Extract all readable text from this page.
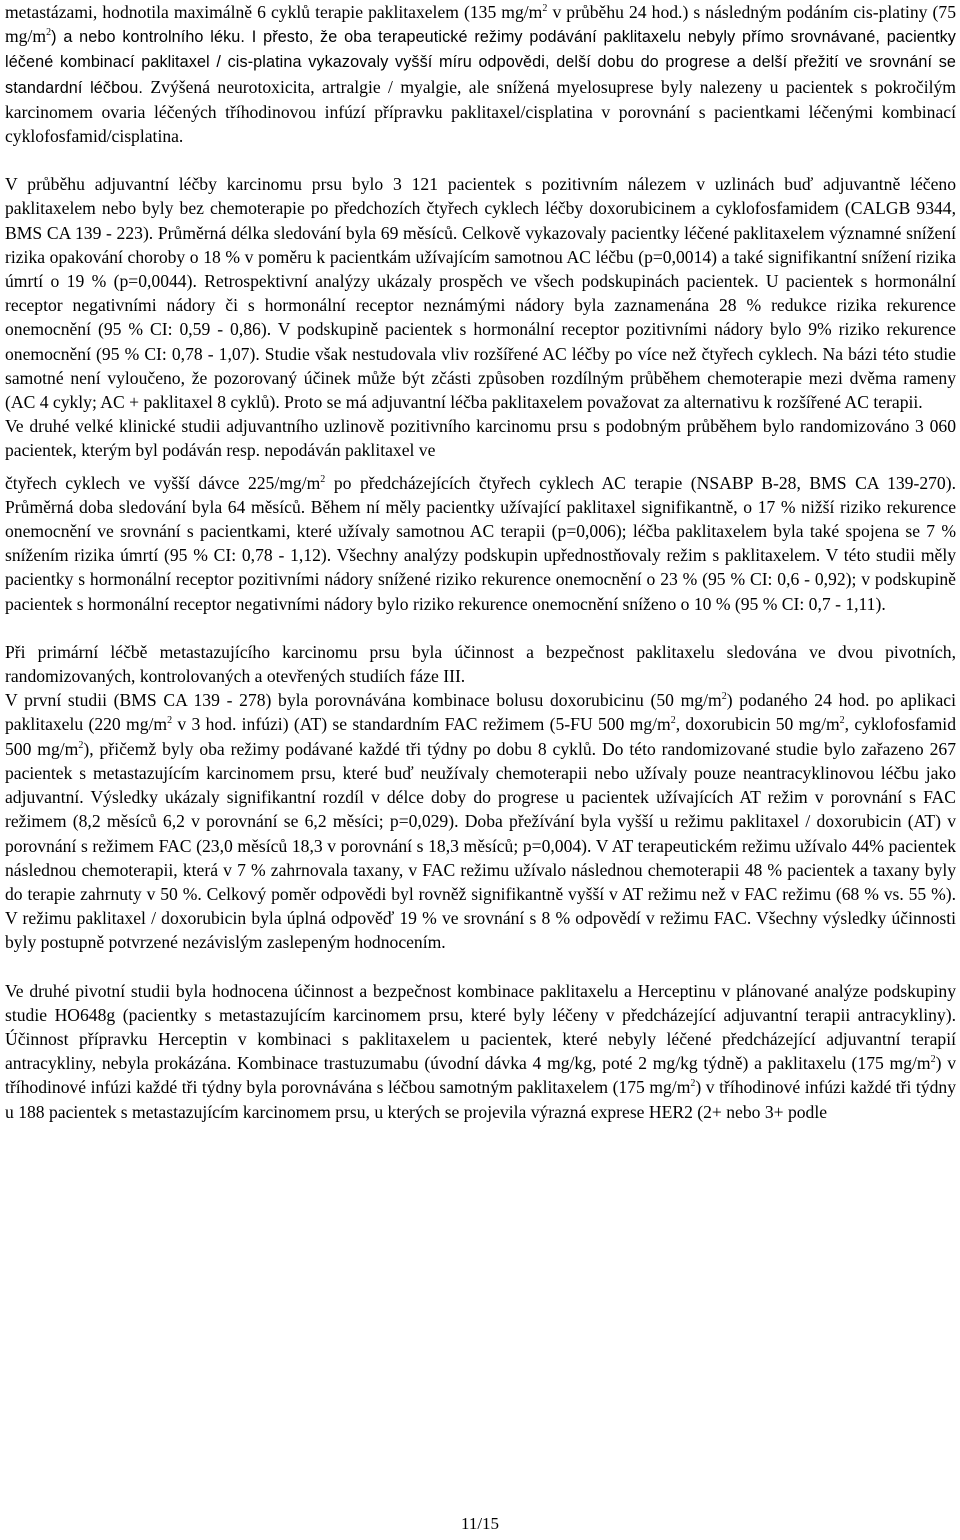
metastázami, hodnotila maximálně 6 cyklů terapie paklitaxelem (135 $mg/m^2$ v průběhu 24 hod.) s následným podáním cis-platiny (75 $mg/m^2$) a nebo kontrolního léku. I přesto, že oba terapeutické režimy podávání paklitaxelu nebyly přímo srovnávané, pacientky léčené kombinací paklitaxel / cis-platina vykazovaly vyšší míru odpovědi, delší dobu do progrese a delší přežití ve srovnání se standardní léčbou. Zvýšená neurotoxicita, artralgie / myalgie, ale snížená myelosuprese byly nalezeny u pacientek s pokročilým karcinomem ovaria léčených tříhodinovou infúzí přípravku paklitaxel/cisplatina v porovnání s pacientkami léčenými kombinací cyklofosfamid/cisplatina.

V průběhu adjuvantní léčby karcinomu prsu bylo 3 121 pacientek s pozitivním nálezem v uzlinách buď adjuvantně léčeno paklitaxelem nebo byly bez chemoterapie po předchozích čtyřech cyklech léčby doxorubicinem a cyklofosfamidem (CALGB 9344, BMS CA 139 - 223). Průměrná délka sledování byla 69 měsíců. Celkově vykazovaly pacientky léčené paklitaxelem významné snížení rizika opakování choroby o 18 % v poměru k pacientkám užívajícím samotnou AC léčbu (p=0,0014) a také signifikantní snížení rizika úmrtí o 19 % (p=0,0044). Retrospektivní analýzy ukázaly prospěch ve všech podskupinách pacientek. U pacientek s hormonální receptor negativními nádory či s hormonální receptor neznámými nádory byla zaznamenána 28 % redukce rizika rekurence onemocnění (95 % CI: 0,59 - 0,86). V podskupině pacientek s hormonální receptor pozitivními nádory bylo 9% riziko rekurence onemocnění (95 % CI: 0,78 - 1,07). Studie však nestudovala vliv rozšířené AC léčby po více než čtyřech cyklech. Na bázi této studie samotné není vyloučeno, že pozorovaný účinek může být zčásti způsoben rozdílným průběhem chemoterapie mezi dvěma rameny (AC 4 cykly; AC + paklitaxel 8 cyklů). Proto se má adjuvantní léčba paklitaxelem považovat za alternativu k rozšířené AC terapii.

Ve druhé velké klinické studii adjuvantního uzlinově pozitivního karcinomu prsu s podobným průběhem bylo randomizováno 3 060 pacientek, kterým byl podáván resp. nepodáván paklitaxel ve

čtyřech cyklech ve vyšší dávce $225/mg/m^2$ po předcházejících čtyřech cyklech AC terapie (NSABP B-28, BMS CA 139-270). Průměrná doba sledování byla 64 měsíců. Během ní měly pacientky užívající paklitaxel signifikantně, o 17 % nižší riziko rekurence onemocnění ve srovnání s pacientkami, které užívaly samotnou AC terapii (p=0,006); léčba paklitaxelem byla také spojena se 7 % snížením rizika úmrtí (95 % CI: 0,78 - 1,12). Všechny analýzy podskupin upřednostňovaly režim s paklitaxelem. V této studii měly pacientky s hormonální receptor pozitivními nádory snížené riziko rekurence onemocnění o 23 % (95 % CI: 0,6 - 0,92); v podskupině pacientek s hormonální receptor negativními nádory bylo riziko rekurence onemocnění sníženo o 10 % (95 % CI: 0,7 - 1,11).

Při primární léčbě metastazujícího karcinomu prsu byla účinnost a bezpečnost paklitaxelu sledována ve dvou pivotních, randomizovaných, kontrolovaných a otevřených studiích fáze III.

V první studii (BMS CA 139 - 278) byla porovnávána kombinace bolusu doxorubicinu (50 $mg/m^2$) podaného 24 hod. po aplikaci paklitaxelu (220 $mg/m^2$ v 3 hod. infúzi) (AT) se standardním FAC režimem (5-FU 500 $mg/m^2$, doxorubicin 50 $mg/m^2$, cyklofosfamid 500 $mg/m^2$), přičemž byly oba režimy podávané každé tři týdny po dobu 8 cyklů. Do této randomizované studie bylo zařazeno 267 pacientek s metastazujícím karcinomem prsu, které buď neužívaly chemoterapii nebo užívaly pouze neantracyklinovou léčbu jako adjuvantní. Výsledky ukázaly signifikantní rozdíl v délce doby do progrese u pacientek užívajících AT režim v porovnání s FAC režimem (8,2 měsíců 6,2 v porovnání se 6,2 měsíci; p=0,029). Doba přežívání byla vyšší u režimu paklitaxel / doxorubicin (AT) v porovnání s režimem FAC (23,0 měsíců 18,3 v porovnání s 18,3 měsíců; p=0,004). V AT terapeutickém režimu užívalo 44% pacientek následnou chemoterapii, která v 7 % zahrnovala taxany, v FAC režimu užívalo následnou chemoterapii 48 % pacientek a taxany byly do terapie zahrnuty v 50 %. Celkový poměr odpovědi byl rovněž signifikantně vyšší v AT režimu než v FAC režimu (68 % vs. 55 %). V režimu paklitaxel / doxorubicin byla úplná odpověď 19 % ve srovnání s 8 % odpovědí v režimu FAC. Všechny výsledky účinnosti byly postupně potvrzené nezávislým zaslepeným hodnocením.

Ve druhé pivotní studii byla hodnocena účinnost a bezpečnost kombinace paklitaxelu a Herceptinu v plánované analýze podskupiny studie HO648g (pacientky s metastazujícím karcinomem prsu, které byly léčeny v předcházející adjuvantní terapii antracykliny). Účinnost přípravku Herceptin v kombinaci s paklitaxelem u pacientek, které nebyly léčené předcházející adjuvantní terapií antracykliny, nebyla prokázána. Kombinace trastuzumabu (úvodní dávka 4 mg/kg, poté 2 mg/kg týdně) a paklitaxelu (175 $mg/m^2$) v tříhodinové infúzi každé tři týdny byla porovnávána s léčbou samotným paklitaxelem (175 $mg/m^2$) v tříhodinové infúzi každé tři týdny u 188 pacientek s metastazujícím karcinomem prsu, u kterých se projevila výrazná exprese HER2 (2+ nebo 3+ podle

11/15
